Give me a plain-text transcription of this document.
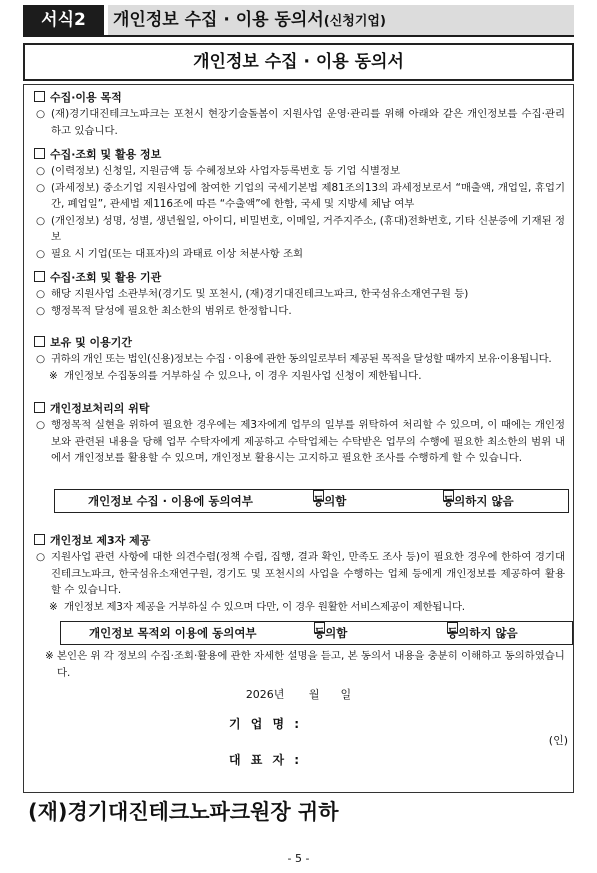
서식2	개인정보 수집 · 이용 동의서(신청기업)
개인정보 수집 · 이용 동의서
수집·이용 목적
○ (재)경기대진테크노파크는 포천시 현장기술돌봄이 지원사업 운영·관리를 위해 아래와 같은 개인정보를 수집·관리하고 있습니다.
수집·조회 및 활용 정보
○ (이력정보) 신청일, 지원금액 등 수혜정보와 사업자등록번호 등 기업 식별정보
○ (과세정보) 중소기업 지원사업에 참여한 기업의 국세기본법 제81조의13의 과세정보로서 “매출액, 개업일, 휴업기간, 폐업일”, 관세법 제116조에 따른 “수출액”에 한함, 국세 및 지방세 체납 여부
○ (개인정보) 성명, 성별, 생년월일, 아이디, 비밀번호, 이메일, 거주지주소, (휴대)전화번호, 기타 신분증에 기재된 정보
○ 필요 시 기업(또는 대표자)의 과태료 이상 처분사항 조회
수집·조회 및 활용 기관
○ 해당 지원사업 소관부처(경기도 및 포천시, (재)경기대진테크노파크, 한국섬유소재연구원 등)
○ 행정목적 달성에 필요한 최소한의 범위로 한정합니다.
보유 및 이용기간
○ 귀하의 개인 또는 법인(신용)정보는 수집 · 이용에 관한 동의일로부터 제공된 목적을 달성할 때까지 보유·이용됩니다.
※ 개인정보 수집동의를 거부하실 수 있으나, 이 경우 지원사업 신청이 제한됩니다.
개인정보처리의 위탁
○ 행정목적 실현을 위하여 필요한 경우에는 제3자에게 업무의 일부를 위탁하여 처리할 수 있으며, 이 때에는 개인정보와 관련된 내용을 당해 업무 수탁자에게 제공하고 수탁업체는 수탁받은 업무의 수행에 필요한 최소한의 범위 내에서 개인정보를 활용할 수 있으며, 개인정보 활용시는 고지하고 필요한 조사를 수행하게 할 수 있습니다.
개인정보 수집 · 이용에 동의여부	동의함	동의하지 않음
개인정보 제3자 제공
○ 지원사업 관련 사항에 대한 의견수렴(정책 수립, 집행, 결과 확인, 만족도 조사 등)이 필요한 경우에 한하여 경기대진테크노파크, 한국섬유소재연구원, 경기도 및 포천시의 사업을 수행하는 업체 등에게 개인정보를 제공하여 활용할 수 있습니다.
※ 개인정보 제3자 제공을 거부하실 수 있으며 다만, 이 경우 원활한 서비스제공이 제한됩니다.
개인정보 목적외 이용에 동의여부	동의함	동의하지 않음
※ 본인은 위 각 정보의 수집·조회·활용에 관한 자세한 설명을 듣고, 본 동의서 내용을 충분히 이해하고 동의하였습니다.
2026년 월 일
기 업 명 :
(인)
대 표 자 :
(재)경기대진테크노파크원장 귀하
- 5 -
